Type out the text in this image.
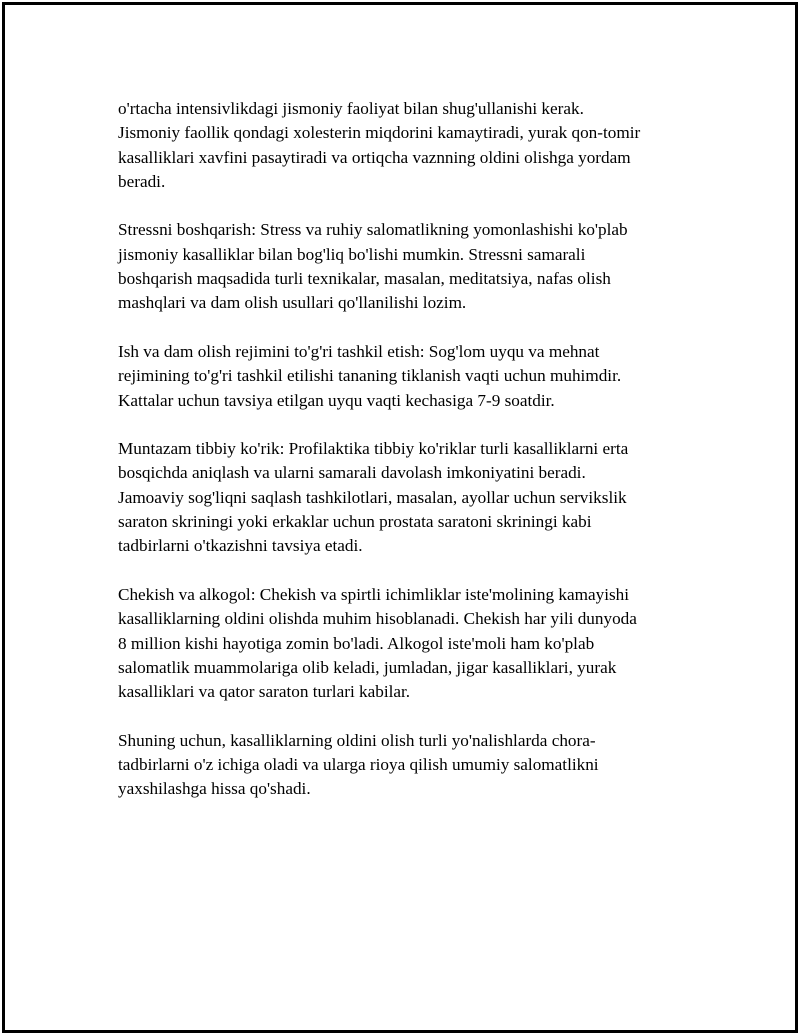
o'rtacha intensivlikdagi jismoniy faoliyat bilan shug'ullanishi kerak.
Jismoniy faollik qondagi xolesterin miqdorini kamaytiradi, yurak qon-tomir
kasalliklari xavfini pasaytiradi va ortiqcha vaznning oldini olishga yordam
beradi.

Stressni boshqarish: Stress va ruhiy salomatlikning yomonlashishi ko'plab
jismoniy kasalliklar bilan bog'liq bo'lishi mumkin. Stressni samarali
boshqarish maqsadida turli texnikalar, masalan, meditatsiya, nafas olish
mashqlari va dam olish usullari qo'llanilishi lozim.

Ish va dam olish rejimini to'g'ri tashkil etish: Sog'lom uyqu va mehnat
rejimining to'g'ri tashkil etilishi tananing tiklanish vaqti uchun muhimdir.
Kattalar uchun tavsiya etilgan uyqu vaqti kechasiga 7-9 soatdir.

Muntazam tibbiy ko'rik: Profilaktika tibbiy ko'riklar turli kasalliklarni erta
bosqichda aniqlash va ularni samarali davolash imkoniyatini beradi.
Jamoaviy sog'liqni saqlash tashkilotlari, masalan, ayollar uchun servikslik
saraton skriningi yoki erkaklar uchun prostata saratoni skriningi kabi
tadbirlarni o'tkazishni tavsiya etadi.

Chekish va alkogol: Chekish va spirtli ichimliklar iste'molining kamayishi
kasalliklarning oldini olishda muhim hisoblanadi. Chekish har yili dunyoda
8 million kishi hayotiga zomin bo'ladi. Alkogol iste'moli ham ko'plab
salomatlik muammolariga olib keladi, jumladan, jigar kasalliklari, yurak
kasalliklari va qator saraton turlari kabilar.

Shuning uchun, kasalliklarning oldini olish turli yo'nalishlarda chora-
tadbirlarni o'z ichiga oladi va ularga rioya qilish umumiy salomatlikni
yaxshilashga hissa qo'shadi.
